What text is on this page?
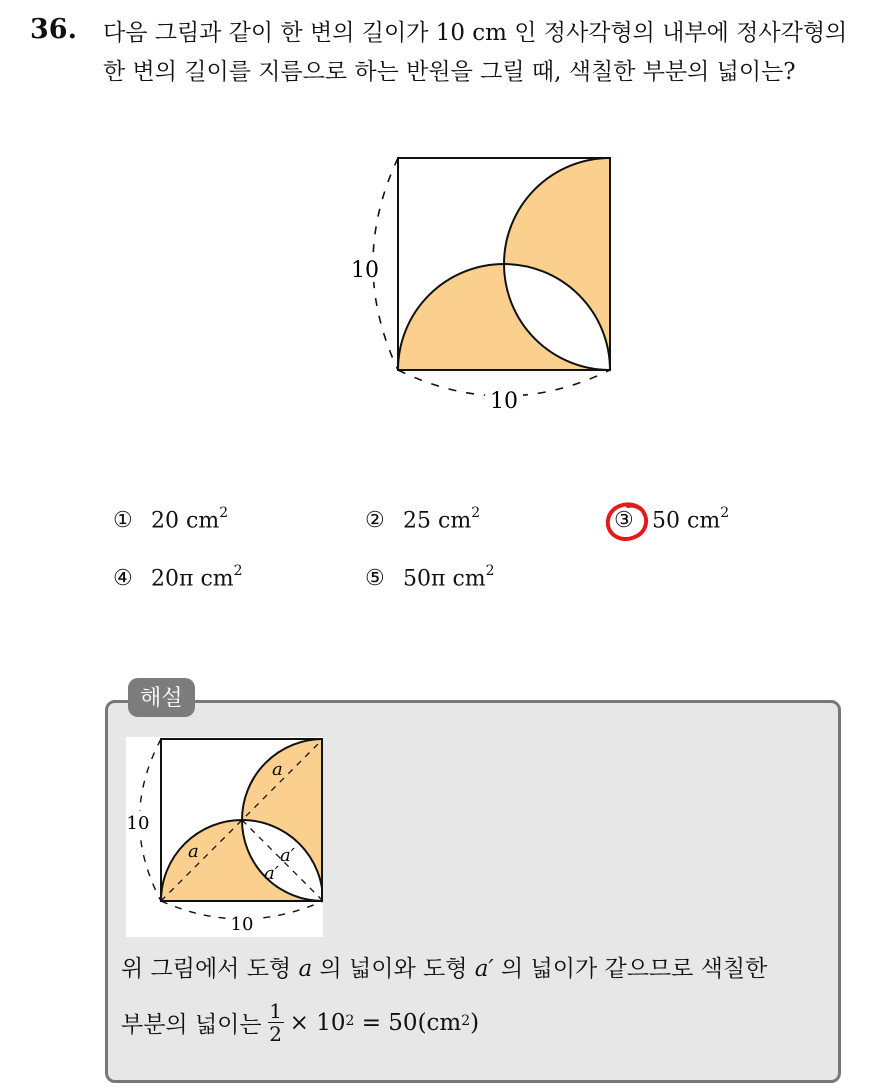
36. 다음 그림과 같이 한 변의 길이가 10 cm 인 정사각형의 내부에 정사각형의 한 변의 길이를 지름으로 하는 반원을 그릴 때, 색칠한 부분의 넓이는?
10
10
① 20 $cm^2$	② 25 $cm^2$	③ 50 $cm^2$
④ 20π $cm^2$	⑤ 50π $cm^2$
해설
10
10
a
a	a′
a′
위 그림에서 도형 a 의 넓이와 도형 a′ 의 넓이가 같으므로 색칠한
부분의 넓이는 $\frac{1}{2} \times 10^2$
= $50(cm^2$ )
